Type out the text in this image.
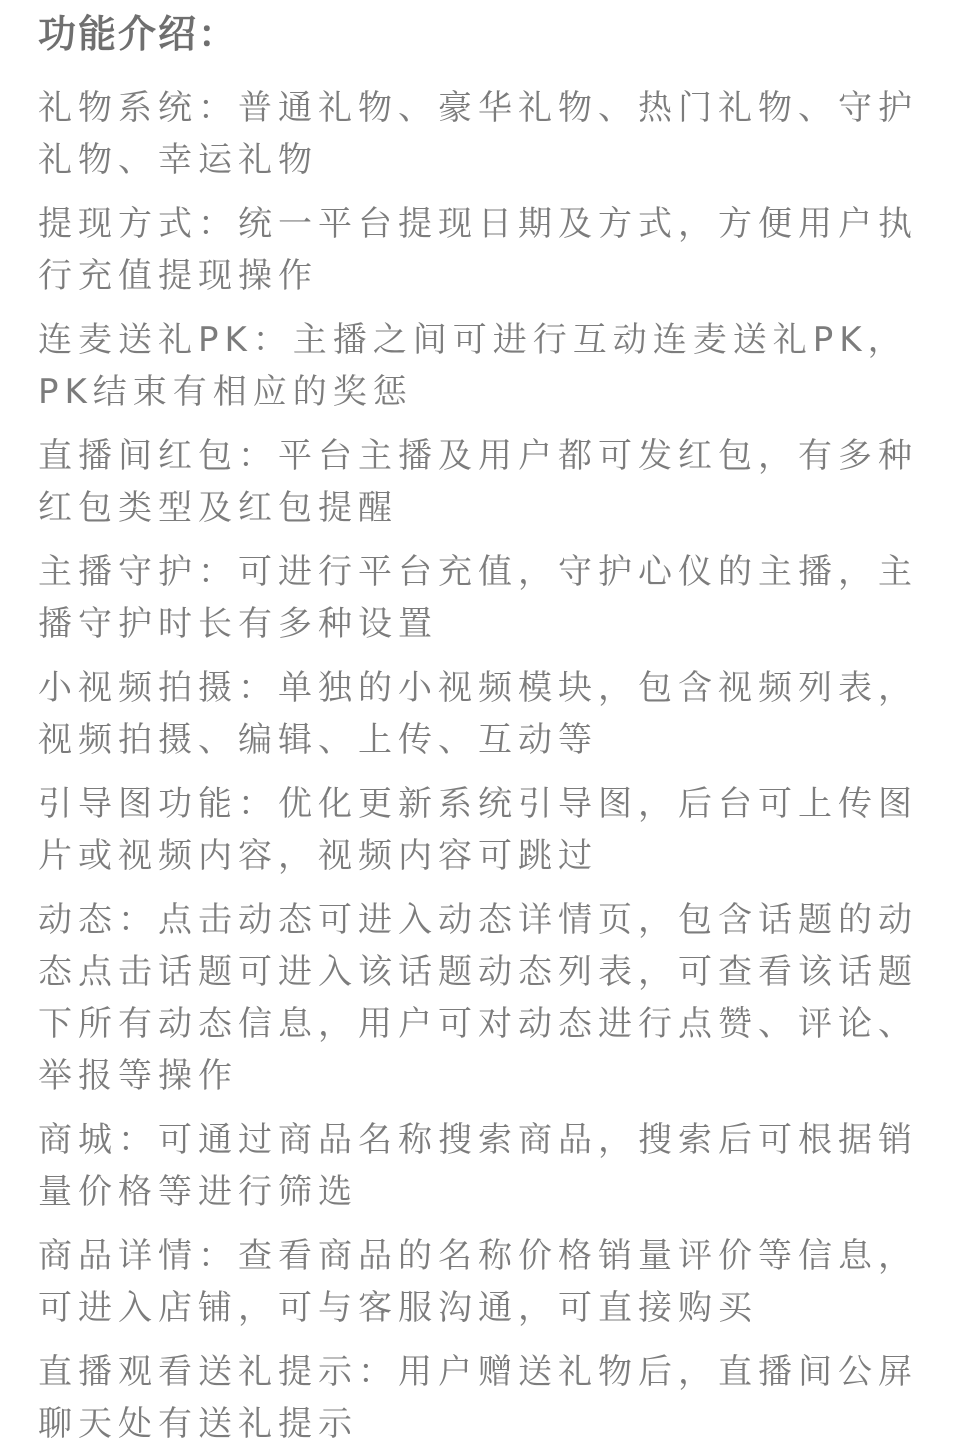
功能介绍：
礼物系统：普通礼物、豪华礼物、热门礼物、守护礼物、幸运礼物
提现方式：统一平台提现日期及方式，方便用户执行充值提现操作
连麦送礼PK：主播之间可进行互动连麦送礼PK，PK结束有相应的奖惩
直播间红包：平台主播及用户都可发红包，有多种红包类型及红包提醒
主播守护：可进行平台充值，守护心仪的主播，主播守护时长有多种设置
小视频拍摄：单独的小视频模块，包含视频列表，视频拍摄、编辑、上传、互动等
引导图功能：优化更新系统引导图，后台可上传图片或视频内容，视频内容可跳过
动态：点击动态可进入动态详情页，包含话题的动态点击话题可进入该话题动态列表，可查看该话题下所有动态信息，用户可对动态进行点赞、评论、举报等操作
商城：可通过商品名称搜索商品，搜索后可根据销量价格等进行筛选
商品详情：查看商品的名称价格销量评价等信息，可进入店铺，可与客服沟通，可直接购买
直播观看送礼提示：用户赠送礼物后，直播间公屏聊天处有送礼提示
